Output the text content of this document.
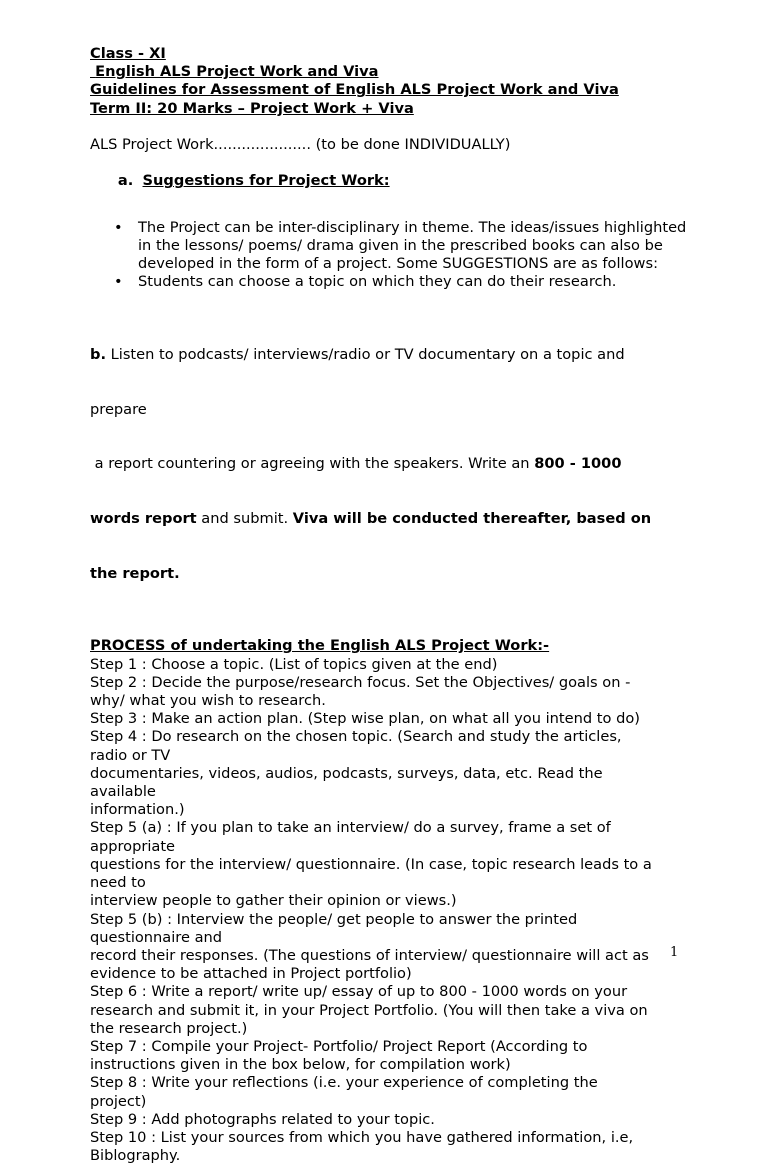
Class - XI
English ALS Project Work and Viva
Guidelines for Assessment of English ALS Project Work and Viva
Term II: 20 Marks – Project Work + Viva
ALS Project Work..................... (to be done INDIVIDUALLY)

a. Suggestions for Project Work:

• The Project can be inter-disciplinary in theme. The ideas/issues highlighted in the lessons/ poems/ drama given in the prescribed books can also be developed in the form of a project. Some SUGGESTIONS are as follows:
• Students can choose a topic on which they can do their research.

b. Listen to podcasts/ interviews/radio or TV documentary on a topic and

prepare

a report countering or agreeing with the speakers. Write an 800 - 1000

words report and submit. Viva will be conducted thereafter, based on

the report.

PROCESS of undertaking the English ALS Project Work:-
Step 1 : Choose a topic. (List of topics given at the end)
Step 2 : Decide the purpose/research focus. Set the Objectives/ goals on -
why/ what you wish to research.
Step 3 : Make an action plan. (Step wise plan, on what all you intend to do)
Step 4 : Do research on the chosen topic. (Search and study the articles,
radio or TV
documentaries, videos, audios, podcasts, surveys, data, etc. Read the
available
information.)
Step 5 (a) : If you plan to take an interview/ do a survey, frame a set of
appropriate
questions for the interview/ questionnaire. (In case, topic research leads to a
need to
interview people to gather their opinion or views.)
Step 5 (b) : Interview the people/ get people to answer the printed
questionnaire and
record their responses. (The questions of interview/ questionnaire will act as
evidence to be attached in Project portfolio)
Step 6 : Write a report/ write up/ essay of up to 800 - 1000 words on your
research and submit it, in your Project Portfolio. (You will then take a viva on
the research project.)
Step 7 : Compile your Project- Portfolio/ Project Report (According to
instructions given in the box below, for compilation work)
Step 8 : Write your reflections (i.e. your experience of completing the
project)
Step 9 : Add photographs related to your topic.
Step 10 : List your sources from which you have gathered information, i.e,
Biblography.
1
